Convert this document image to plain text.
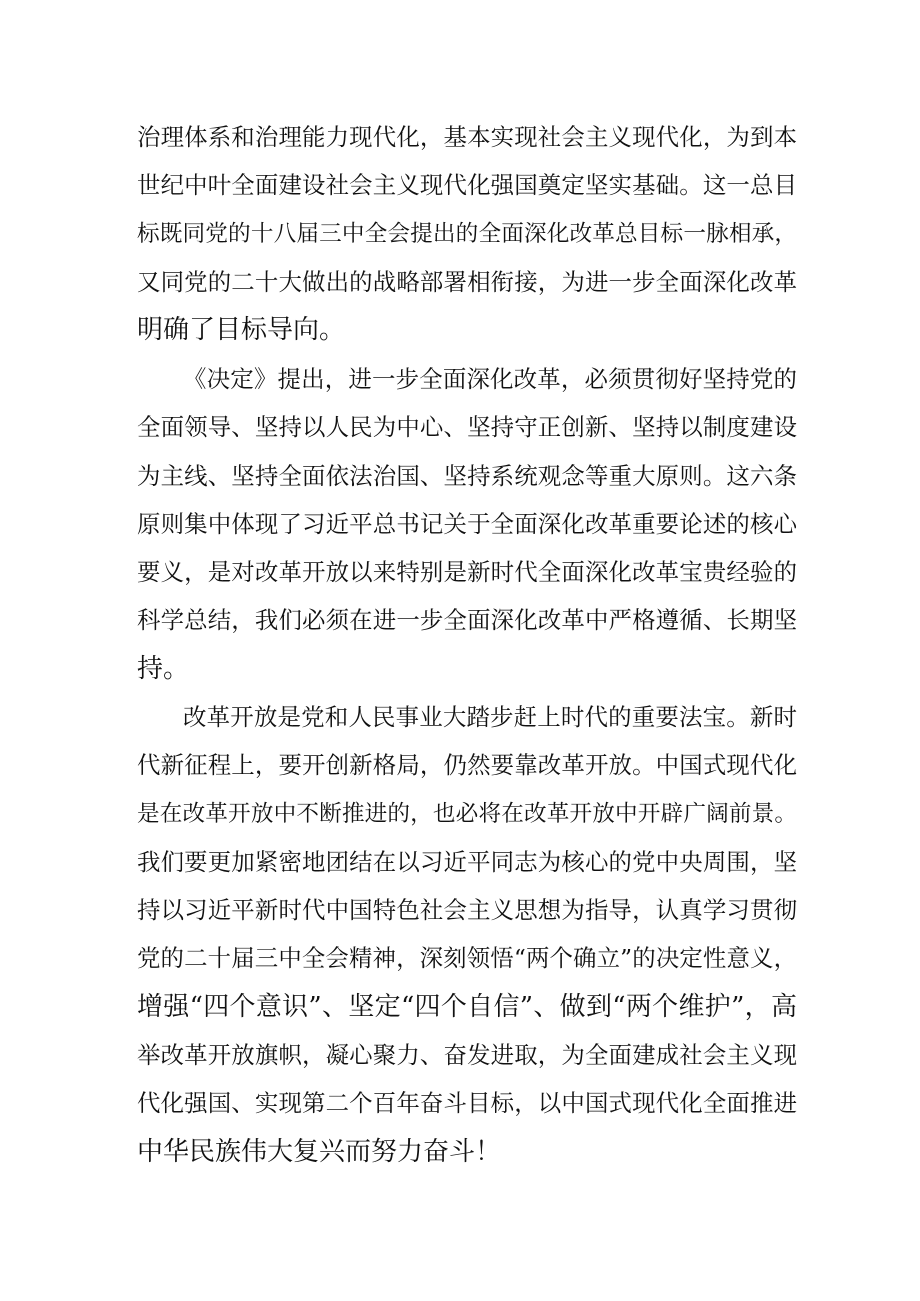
治理体系和治理能力现代化，基本实现社会主义现代化，为到本
世纪中叶全面建设社会主义现代化强国奠定坚实基础。这一总目
标既同党的十八届三中全会提出的全面深化改革总目标一脉相承，
又同党的二十大做出的战略部署相衔接，为进一步全面深化改革
明确了目标导向。
《决定》提出，进一步全面深化改革，必须贯彻好坚持党的
全面领导、坚持以人民为中心、坚持守正创新、坚持以制度建设
为主线、坚持全面依法治国、坚持系统观念等重大原则。这六条
原则集中体现了习近平总书记关于全面深化改革重要论述的核心
要义，是对改革开放以来特别是新时代全面深化改革宝贵经验的
科学总结，我们必须在进一步全面深化改革中严格遵循、长期坚
持。
改革开放是党和人民事业大踏步赶上时代的重要法宝。新时
代新征程上，要开创新格局，仍然要靠改革开放。中国式现代化
是在改革开放中不断推进的，也必将在改革开放中开辟广阔前景。
我们要更加紧密地团结在以习近平同志为核心的党中央周围，坚
持以习近平新时代中国特色社会主义思想为指导，认真学习贯彻
党的二十届三中全会精神，深刻领悟“两个确立”的决定性意义，
增强“四个意识”、坚定“四个自信”、做到“两个维护”，高
举改革开放旗帜，凝心聚力、奋发进取，为全面建成社会主义现
代化强国、实现第二个百年奋斗目标，以中国式现代化全面推进
中华民族伟大复兴而努力奋斗！
